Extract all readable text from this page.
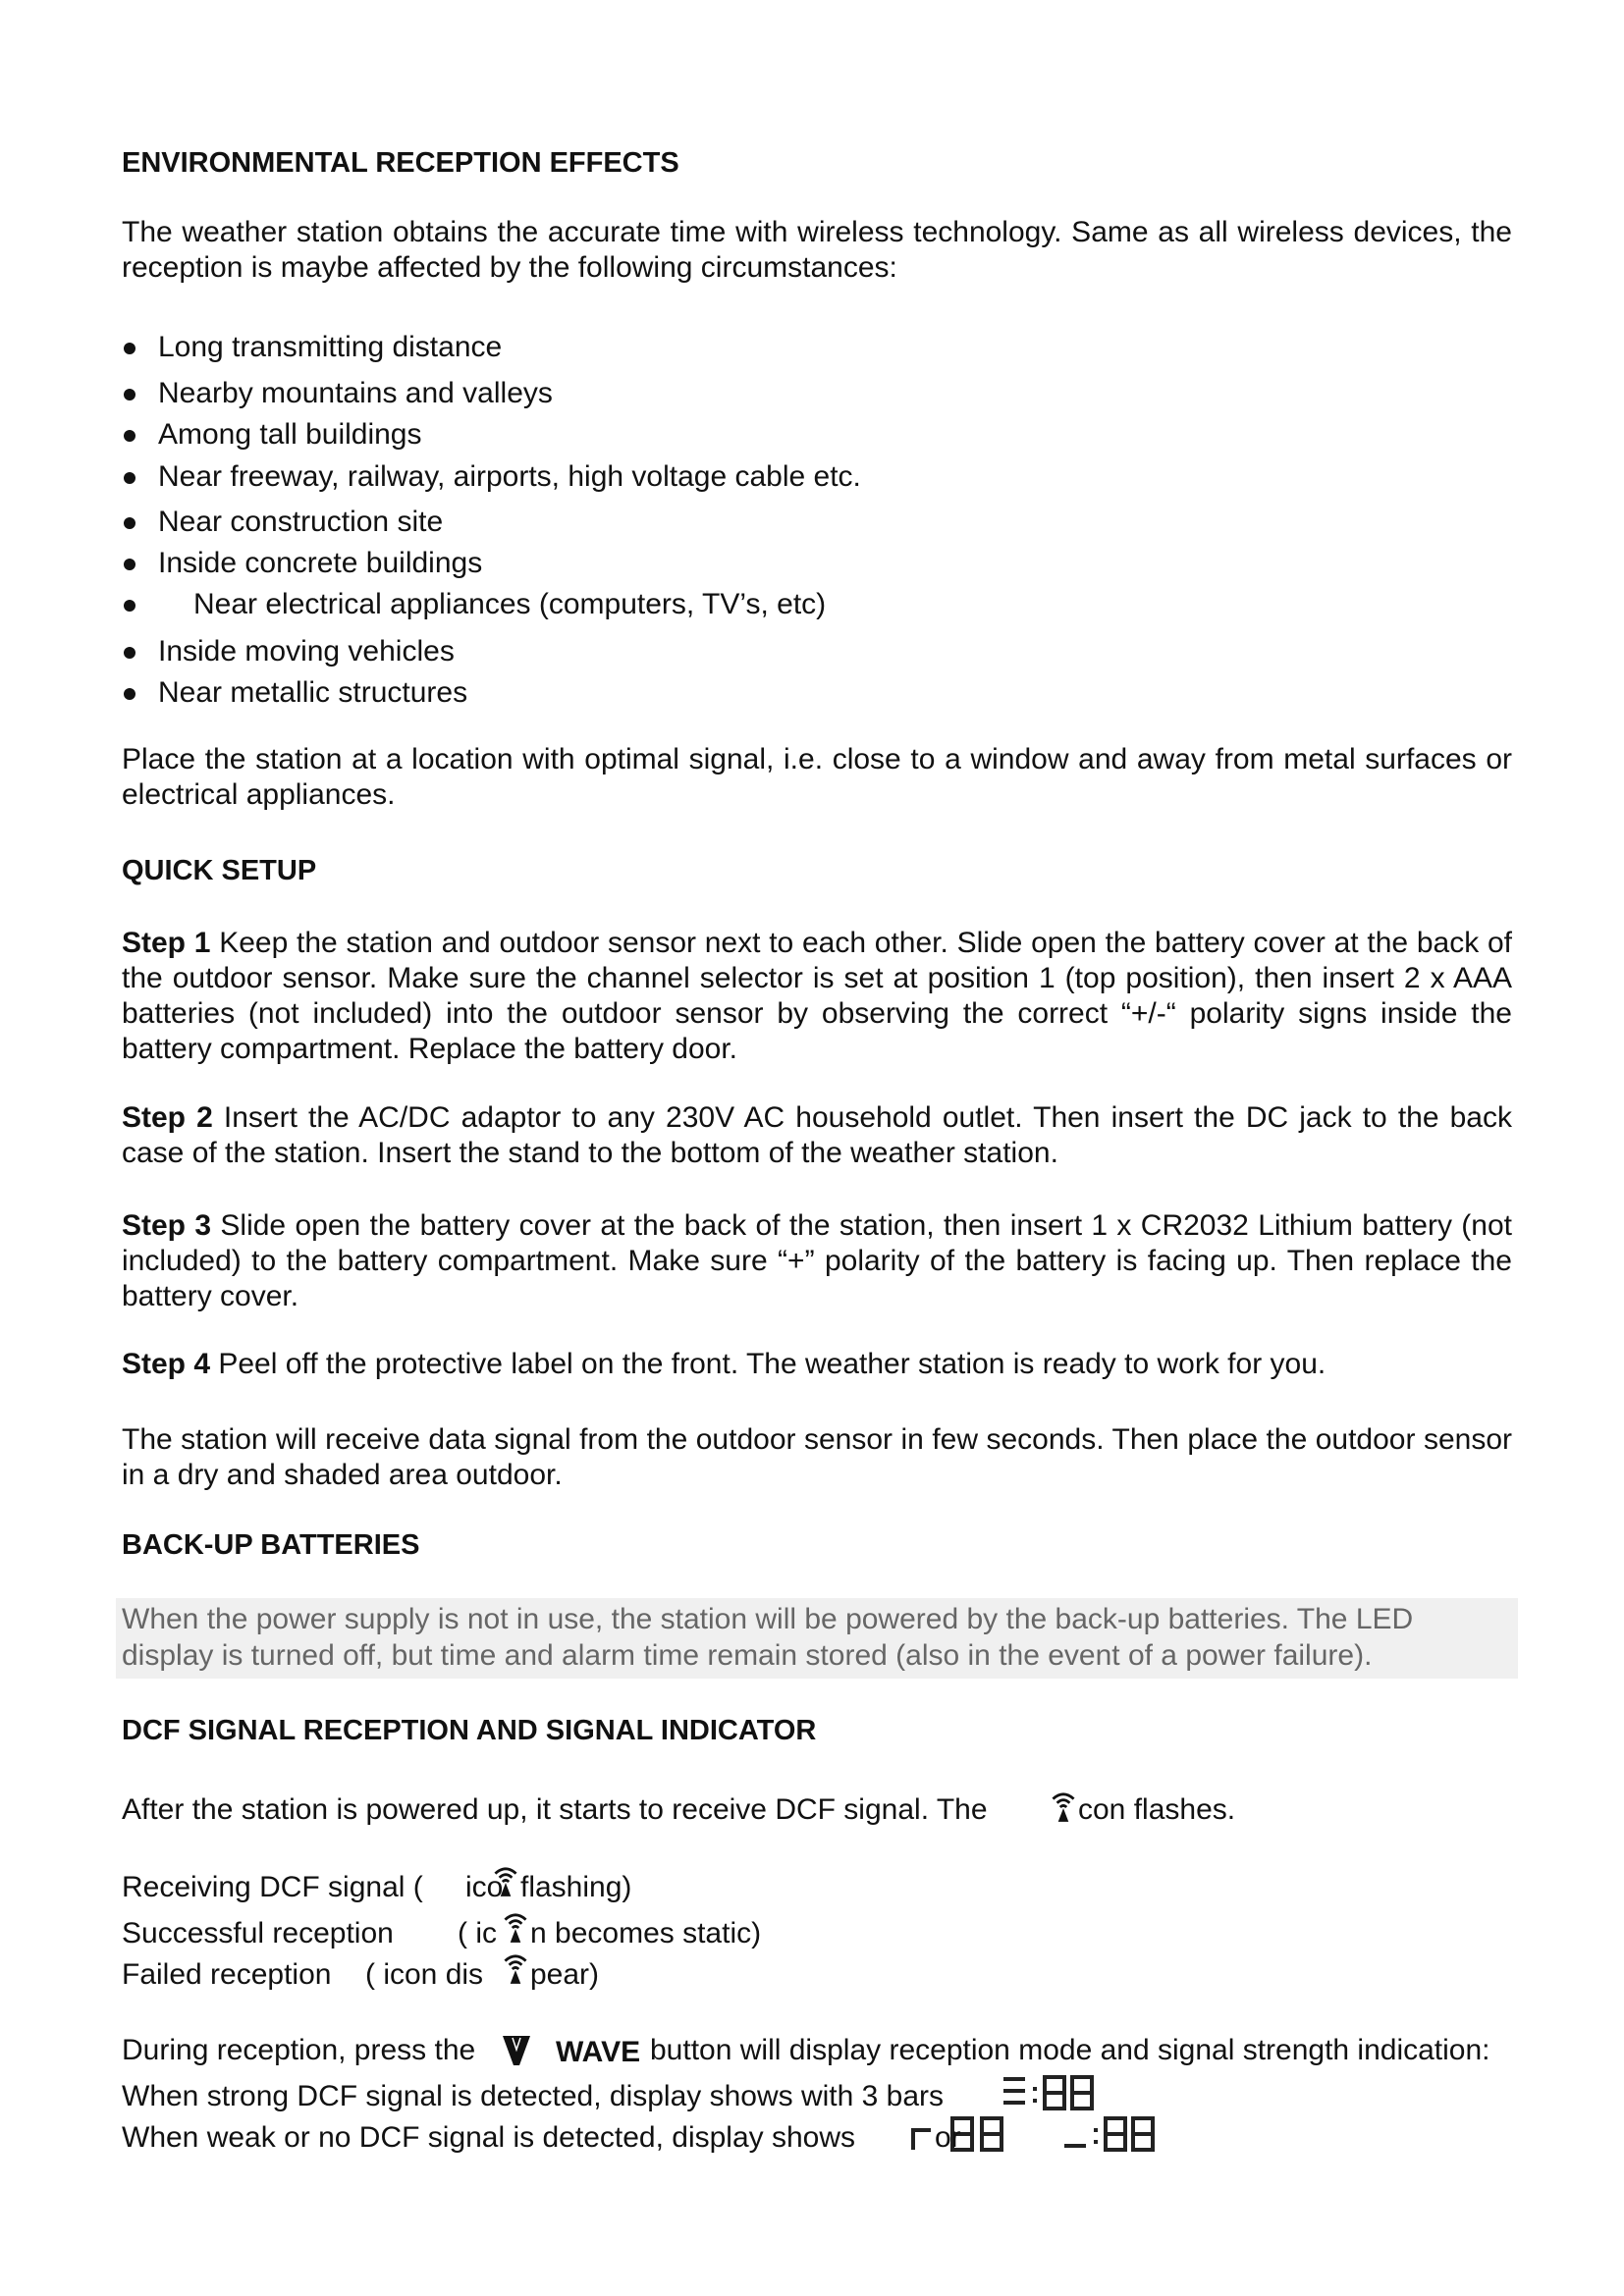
ENVIRONMENTAL RECEPTION EFFECTS
The weather station obtains the accurate time with wireless technology. Same as all wireless devices, the reception is maybe affected by the following circumstances:
Long transmitting distance
Nearby mountains and valleys
Among tall buildings
Near freeway, railway, airports, high voltage cable etc.
Near construction site
Inside concrete buildings
Near electrical appliances (computers, TV’s, etc)
Inside moving vehicles
Near metallic structures
Place the station at a location with optimal signal, i.e. close to a window and away from metal surfaces or electrical appliances.
QUICK SETUP
Step 1 Keep the station and outdoor sensor next to each other. Slide open the battery cover at the back of the outdoor sensor. Make sure the channel selector is set at position 1 (top position), then insert 2 x AAA batteries (not included) into the outdoor sensor by observing the correct “+/-“ polarity signs inside the battery compartment. Replace the battery door.
Step 2 Insert the AC/DC adaptor to any 230V AC household outlet. Then insert the DC jack to the back case of the station. Insert the stand to the bottom of the weather station.
Step 3 Slide open the battery cover at the back of the station, then insert 1 x CR2032 Lithium battery (not included) to the battery compartment. Make sure “+” polarity of the battery is facing up. Then replace the battery cover.
Step 4 Peel off the protective label on the front. The weather station is ready to work for you.
The station will receive data signal from the outdoor sensor in few seconds. Then place the outdoor sensor in a dry and shaded area outdoor.
BACK-UP BATTERIES
When the power supply is not in use, the station will be powered by the back-up batteries. The LED
display is turned off, but time and alarm time remain stored (also in the event of a power failure).
DCF SIGNAL RECEPTION AND SIGNAL INDICATOR
After the station is powered up, it starts to receive DCF signal. The	con flashes.
Receiving DCF signal ( ico flashing)
Successful reception ( ic n becomes static)
Failed reception ( icon dis pear)
During reception, press the	WAVE button will display reception mode and signal strength indication:
When strong DCF signal is detected, display shows with 3 bars
When weak or no DCF signal is detected, display shows	or
